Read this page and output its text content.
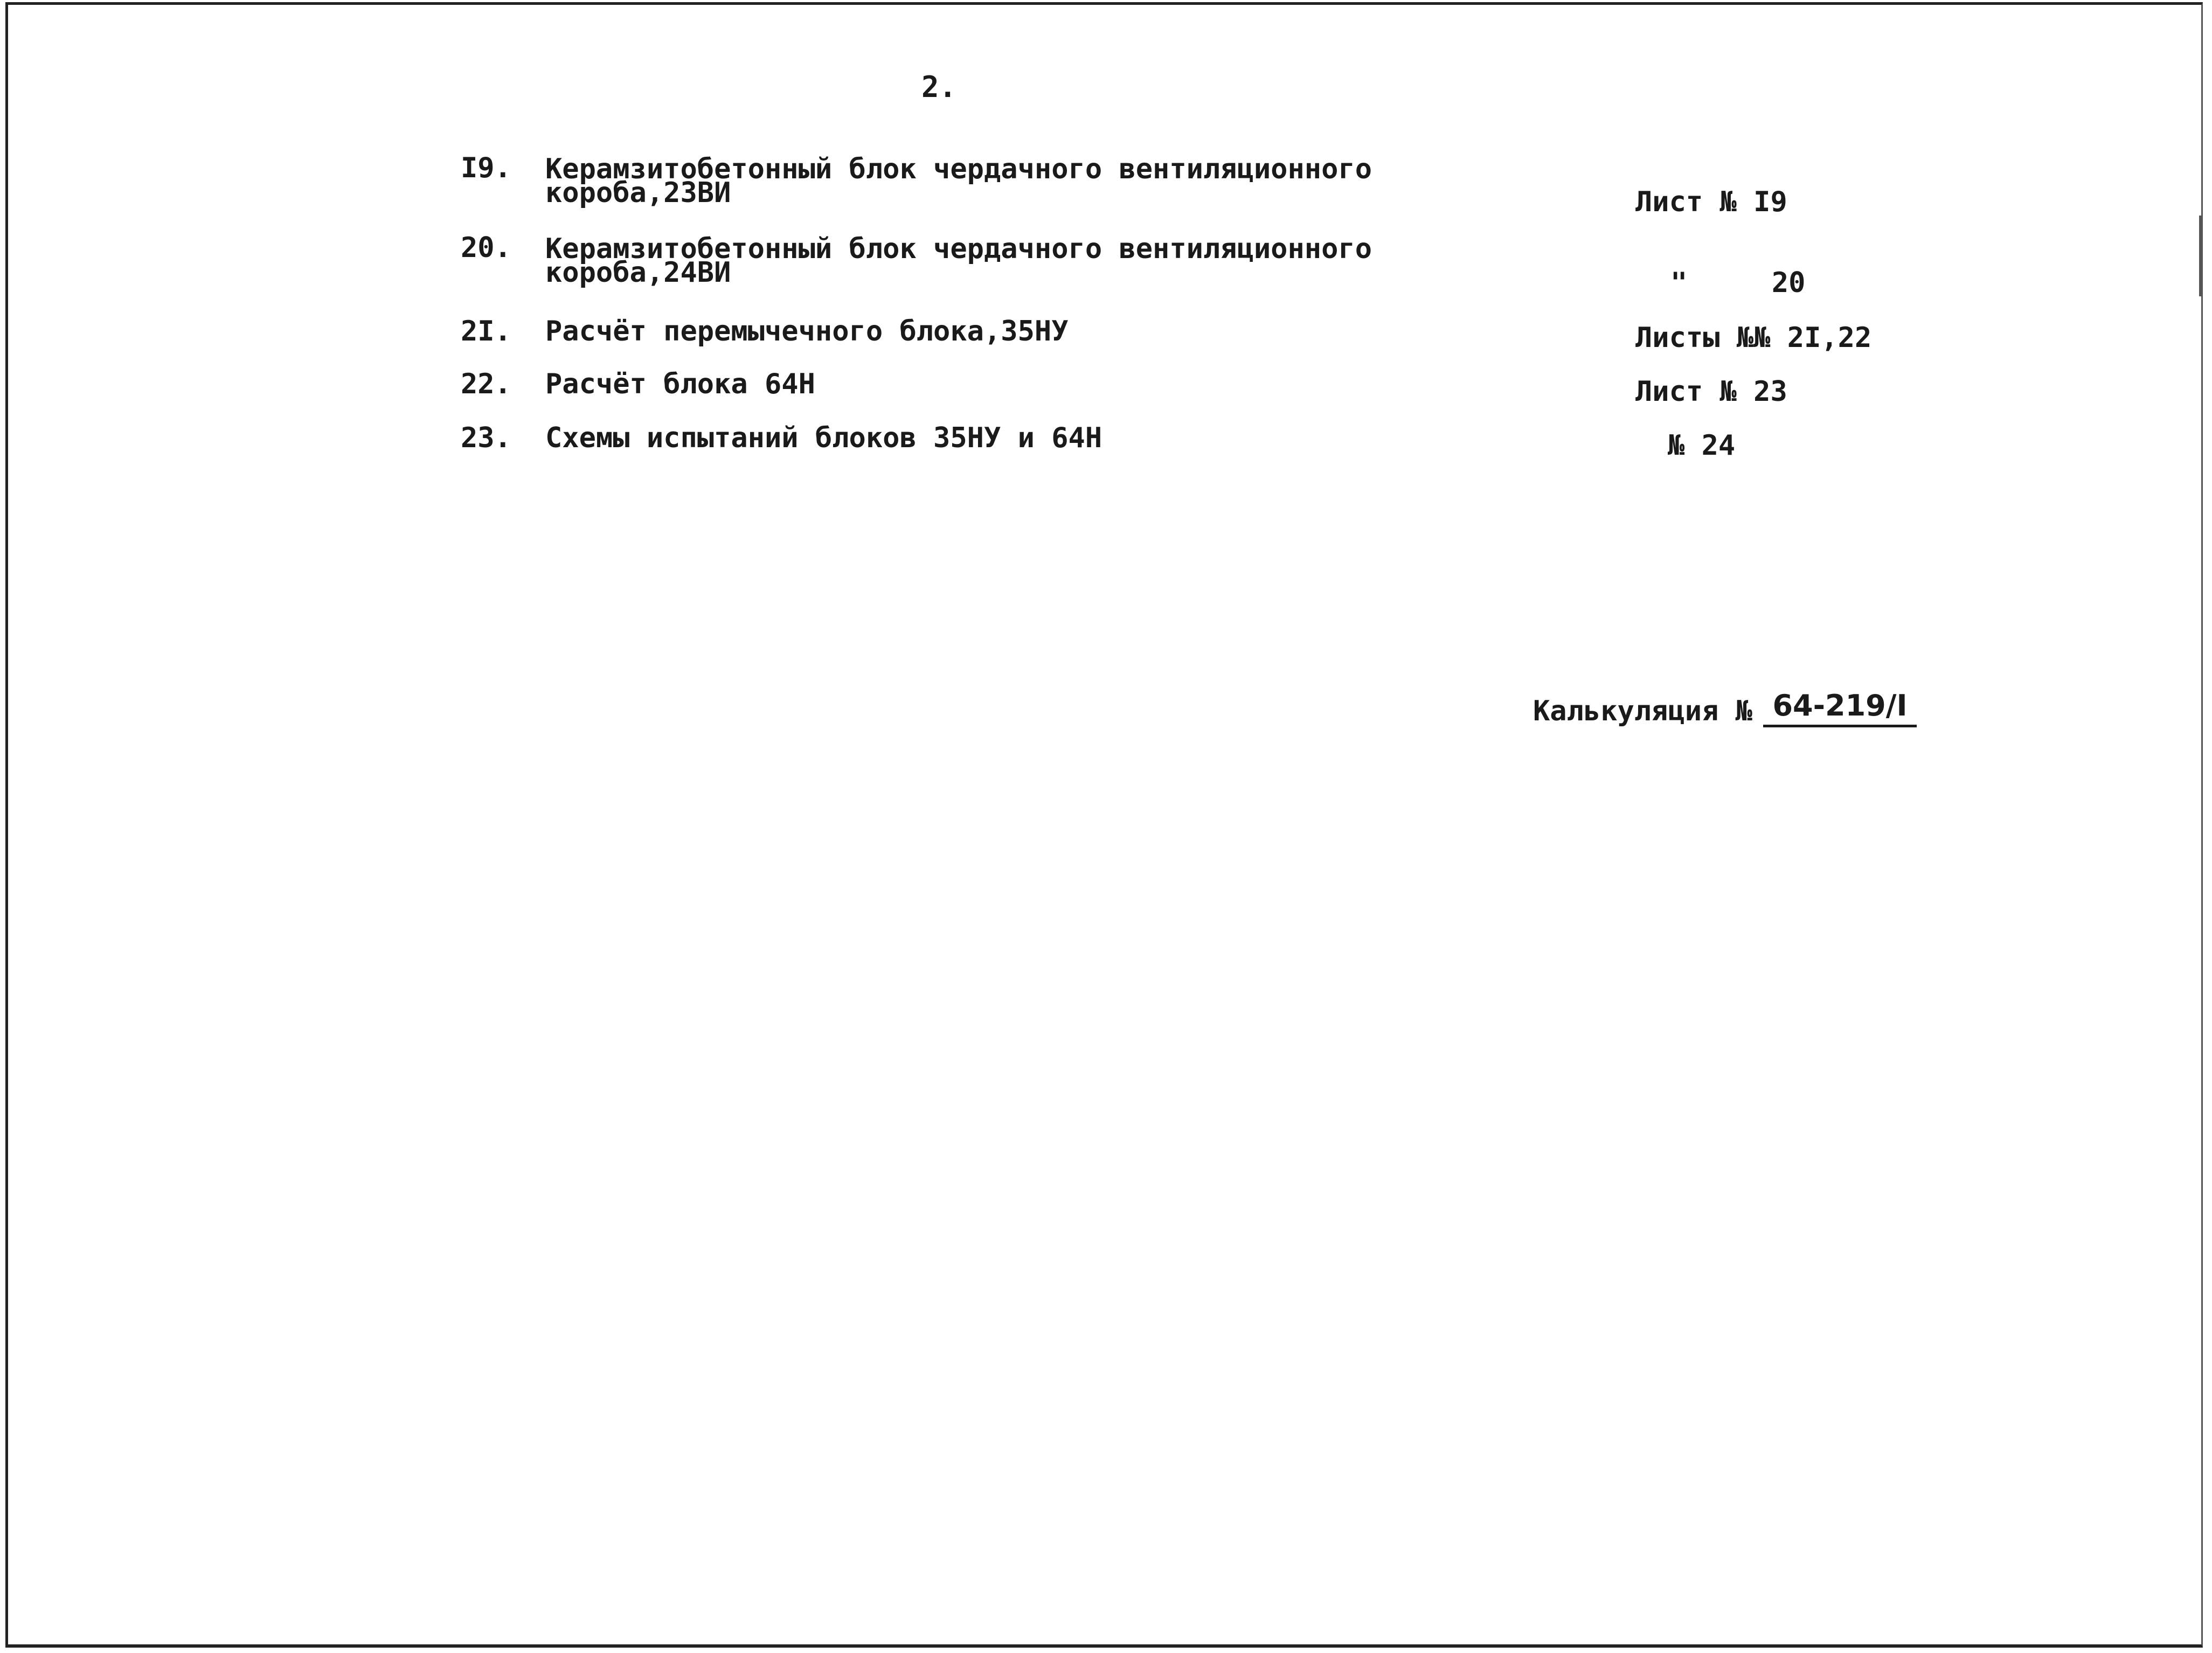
2.
I9. Керамзитобетонный блок чердачного вентиляционного
короба,23ВИ	Лист № I9
20. Керамзитобетонный блок чердачного вентиляционного
короба,24ВИ	"     20
2I. Расчёт перемычечного блока,35НУ	Листы №№ 2I,22
22. Расчёт блока 64Н	Лист № 23
23. Схемы испытаний блоков 35НУ и 64Н	№ 24
Калькуляция № 64-219/I
